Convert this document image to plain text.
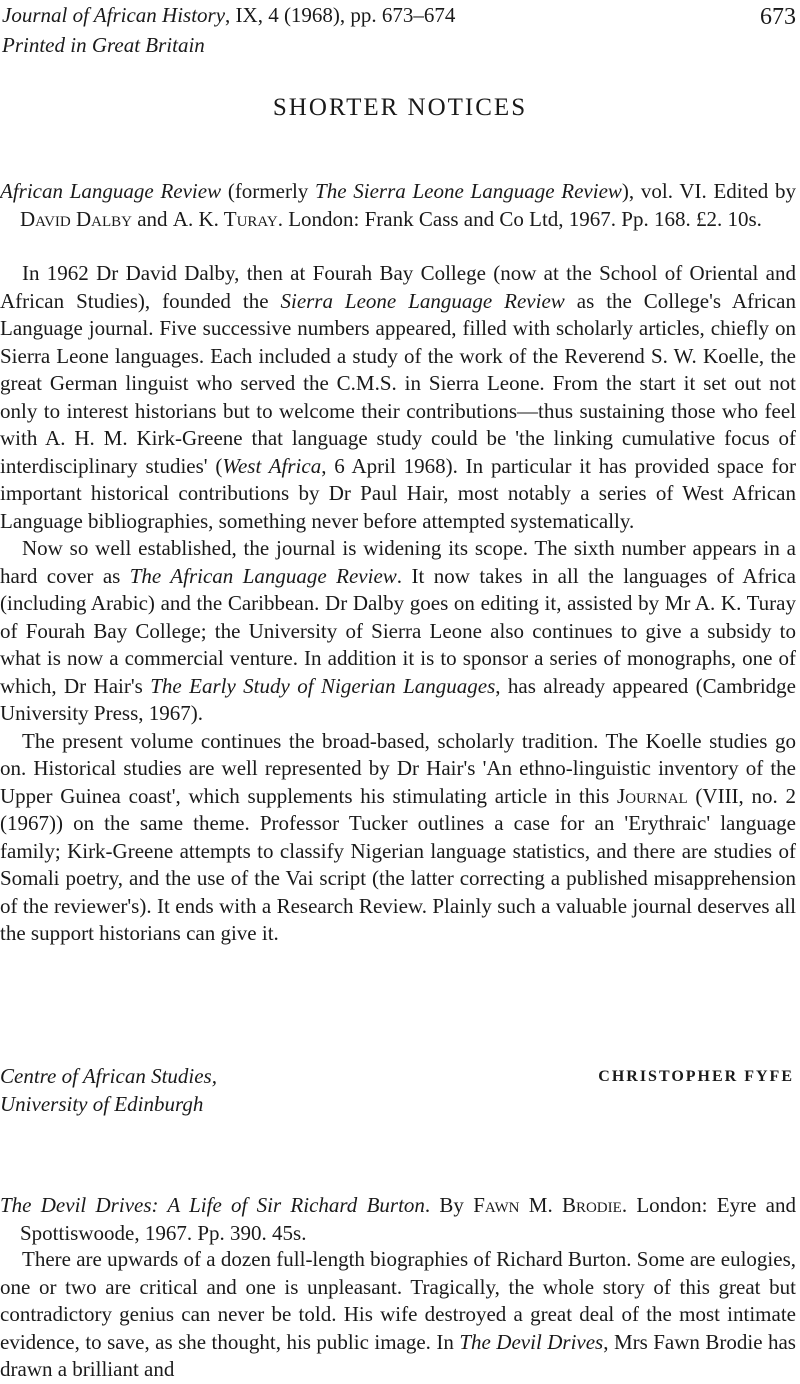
Journal of African History, IX, 4 (1968), pp. 673–674
Printed in Great Britain
673
SHORTER NOTICES

African Language Review (formerly The Sierra Leone Language Review), vol. VI. Edited by David Dalby and A. K. Turay. London: Frank Cass and Co Ltd, 1967. Pp. 168. £2. 10s.

In 1962 Dr David Dalby, then at Fourah Bay College (now at the School of Oriental and African Studies), founded the Sierra Leone Language Review as the College's African Language journal. Five successive numbers appeared, filled with scholarly articles, chiefly on Sierra Leone languages. Each included a study of the work of the Reverend S. W. Koelle, the great German linguist who served the C.M.S. in Sierra Leone. From the start it set out not only to interest historians but to welcome their contributions—thus sustaining those who feel with A. H. M. Kirk-Greene that language study could be 'the linking cumulative focus of interdisciplinary studies' (West Africa, 6 April 1968). In particular it has provided space for important historical contributions by Dr Paul Hair, most notably a series of West African Language bibliographies, something never before attempted systematically.

Now so well established, the journal is widening its scope. The sixth number appears in a hard cover as The African Language Review. It now takes in all the languages of Africa (including Arabic) and the Caribbean. Dr Dalby goes on editing it, assisted by Mr A. K. Turay of Fourah Bay College; the University of Sierra Leone also continues to give a subsidy to what is now a commercial venture. In addition it is to sponsor a series of monographs, one of which, Dr Hair's The Early Study of Nigerian Languages, has already appeared (Cambridge University Press, 1967).

The present volume continues the broad-based, scholarly tradition. The Koelle studies go on. Historical studies are well represented by Dr Hair's 'An ethno-linguistic inventory of the Upper Guinea coast', which supplements his stimulating article in this Journal (VIII, no. 2 (1967)) on the same theme. Professor Tucker outlines a case for an 'Erythraic' language family; Kirk-Greene attempts to classify Nigerian language statistics, and there are studies of Somali poetry, and the use of the Vai script (the latter correcting a published misapprehension of the reviewer's). It ends with a Research Review. Plainly such a valuable journal deserves all the support historians can give it.

Centre of African Studies,
University of Edinburgh
CHRISTOPHER FYFE

The Devil Drives: A Life of Sir Richard Burton. By Fawn M. Brodie. London: Eyre and Spottiswoode, 1967. Pp. 390. 45s.

There are upwards of a dozen full-length biographies of Richard Burton. Some are eulogies, one or two are critical and one is unpleasant. Tragically, the whole story of this great but contradictory genius can never be told. His wife destroyed a great deal of the most intimate evidence, to save, as she thought, his public image. In The Devil Drives, Mrs Fawn Brodie has drawn a brilliant and
